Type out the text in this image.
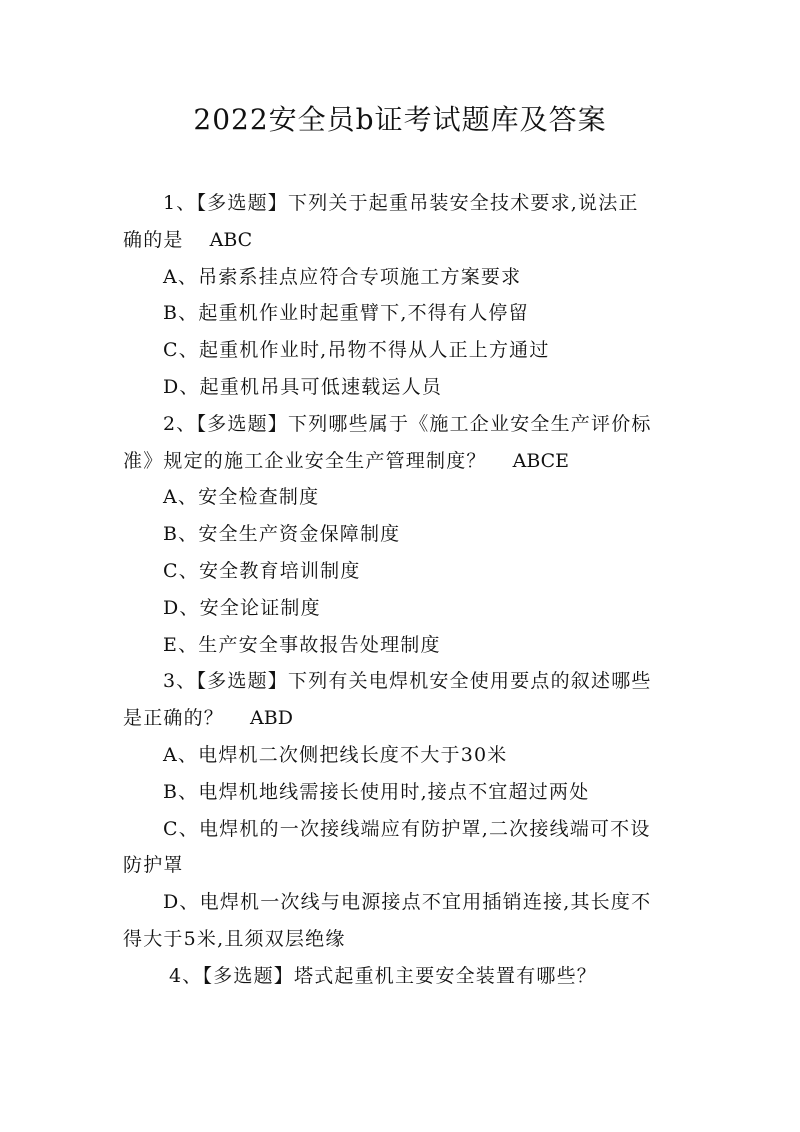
2022安全员b证考试题库及答案
1、【多选题】下列关于起重吊装安全技术要求,说法正
确的是 ABC
A、吊索系挂点应符合专项施工方案要求
B、起重机作业时起重臂下,不得有人停留
C、起重机作业时,吊物不得从人正上方通过
D、起重机吊具可低速载运人员
2、【多选题】下列哪些属于《施工企业安全生产评价标
准》规定的施工企业安全生产管理制度？ ABCE
A、安全检查制度
B、安全生产资金保障制度
C、安全教育培训制度
D、安全论证制度
E、生产安全事故报告处理制度
3、【多选题】下列有关电焊机安全使用要点的叙述哪些
是正确的？ ABD
A、电焊机二次侧把线长度不大于30米
B、电焊机地线需接长使用时,接点不宜超过两处
C、电焊机的一次接线端应有防护罩,二次接线端可不设
防护罩
D、电焊机一次线与电源接点不宜用插销连接,其长度不
得大于5米,且须双层绝缘
4、【多选题】塔式起重机主要安全装置有哪些？
